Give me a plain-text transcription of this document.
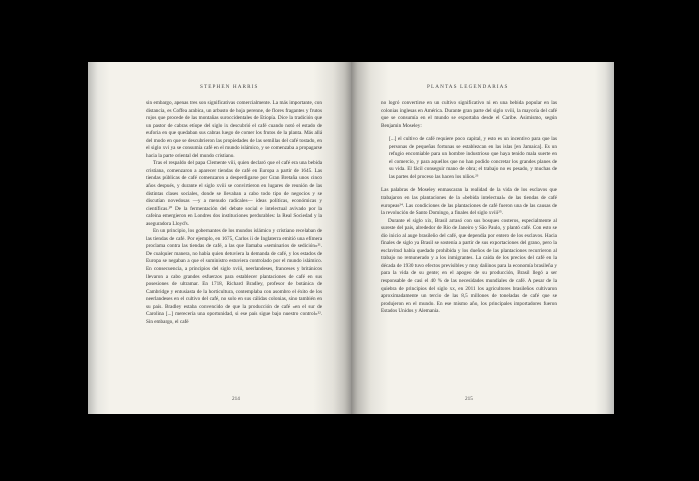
STEPHEN HARRIS

sin embargo, apenas tres son significativas comercialmente. La más importante, con distancia, es Coffea arabica, un arbusto de hoja perenne, de flores fragantes y frutos rojos que procede de las montañas suroccidentales de Etiopía. Dice la tradición que un pastor de cabras etíope del siglo ix descubrió el café cuando notó el estado de euforia en que quedaban sus cabras luego de comer los frutos de la planta. Más allá del modo en que se descubrieron las propiedades de las semillas del café tostado, en el siglo xvi ya se consumía café en el mundo islámico, y se comenzaba a propagarse hacia la parte oriental del mundo cristiano.

Tras el respaldo del papa Clemente viii, quien declaró que el café era una bebida cristiana, comenzaron a aparecer tiendas de café en Europa a partir de 1645. Las tiendas públicas de café comenzaron a desperdigarse por Gran Bretaña unos cinco años después, y durante el siglo xviii se convirtieron en lugares de reunión de las distintas clases sociales, donde se llevaban a cabo todo tipo de negocios y se discutían novedosas —y a menudo radicales— ideas políticas, económicas y científicas.²⁰ De la fermentación del debate social e intelectual avivado por la cafeína emergieron en Londres dos instituciones perdurables: la Real Sociedad y la aseguradora Lloyd's.

En un principio, los gobernantes de los mundos islámico y cristiano recelaban de las tiendas de café. Por ejemplo, en 1675, Carlos ii de Inglaterra emitió una efímera proclama contra las tiendas de café, a las que llamaba «seminarios de sedición»²¹. De cualquier manera, no había quien detuviera la demanda de café, y los estados de Europa se negaban a que el suministro estuviera controlado por el mundo islámico. En consecuencia, a principios del siglo xviii, neerlandeses, franceses y británicos llevaron a cabo grandes esfuerzos para establecer plantaciones de café en sus posesiones de ultramar. En 1718, Richard Bradley, profesor de botánica de Cambridge y entusiasta de la horticultura, contemplaba con asombro el éxito de los neerlandeses en el cultivo del café, no solo en sus cálidas colonias, sino también en su país. Bradley estaba convencido de que la producción de café «en el sur de Carolina [...] merecería una oportunidad, si ese país sigue bajo nuestro control»²². Sin embargo, el café

214
PLANTAS LEGENDARIAS

no logró convertirse en un cultivo significativo ni en una bebida popular en las colonias inglesas en América. Durante gran parte del siglo xviii, la mayoría del café que se consumía en el mundo se exportaba desde el Caribe. Asimismo, según Benjamin Moseley:

[...] el cultivo de café requiere poco capital, y esto es un incentivo para que las personas de pequeñas fortunas se establezcan en las islas [en Jamaica]. Es un refugio encomiable para un hombre industrioso que haya tenido mala suerte en el comercio, y para aquellos que no han podido concretar los grandes planes de su vida. El fácil conseguir mano de obra; el trabajo no es pesado, y muchas de las partes del proceso las hacen los niños.²³

Las palabras de Moseley enmascaran la realidad de la vida de los esclavos que trabajaron en las plantaciones de la «bebida intelectual» de las tiendas de café europeas²⁴. Las condiciones de las plantaciones de café fueron una de las causas de la revolución de Santo Domingo, a finales del siglo xviii²⁵.

Durante el siglo xix, Brasil arrasó con sus bosques costeros, especialmente al sureste del país, alrededor de Río de Janeiro y São Paulo, y plantó café. Con esto se dio inicio al auge brasileño del café, que dependía por entero de los esclavos. Hacia finales de siglo ya Brasil se sostenía a partir de sus exportaciones del grano, pero la esclavitud había quedado prohibida y los dueños de las plantaciones recurrieron al trabajo no remunerado y a los inmigrantes. La caída de los precios del café en la década de 1930 tuvo efectos previsibles y muy dañinos para la economía brasileña y para la vida de su gente; en el apogeo de su producción, Brasil llegó a ser responsable de casi el 40 % de las necesidades mundiales de café. A pesar de la quiebra de principios del siglo xx, en 2011 los agricultores brasileños cultivaron aproximadamente un tercio de las 8,5 millones de toneladas de café que se produjeron en el mundo. En ese mismo año, los principales importadores fueron Estados Unidos y Alemania.

215
